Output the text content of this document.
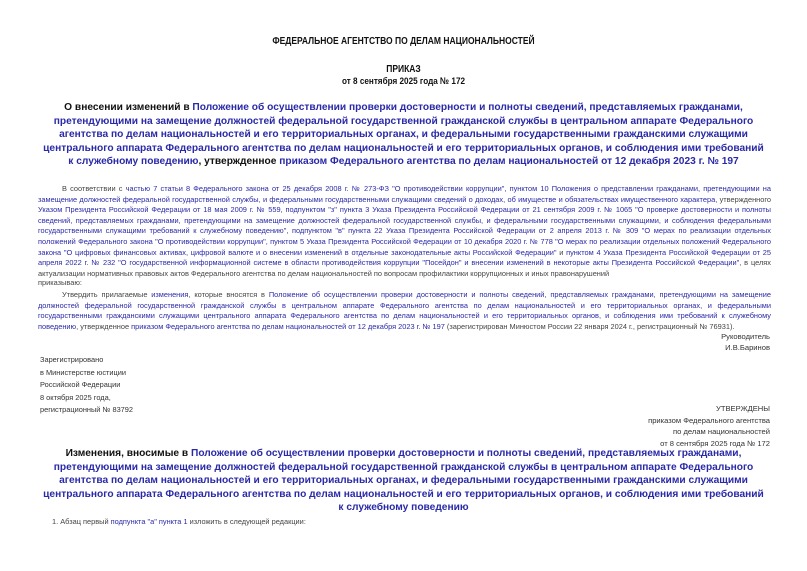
ФЕДЕРАЛЬНОЕ АГЕНТСТВО ПО ДЕЛАМ НАЦИОНАЛЬНОСТЕЙ
ПРИКАЗ
от 8 сентября 2025 года № 172
О внесении изменений в Положение об осуществлении проверки достоверности и полноты сведений, представляемых гражданами, претендующими на замещение должностей федеральной государственной гражданской службы в центральном аппарате Федерального агентства по делам национальностей и его территориальных органах, и федеральными государственными гражданскими служащими центрального аппарата Федерального агентства по делам национальностей и его территориальных органов, и соблюдения ими требований к служебному поведению, утвержденное приказом Федерального агентства по делам национальностей от 12 декабря 2023 г. № 197
В соответствии с частью 7 статьи 8 Федерального закона от 25 декабря 2008 г. № 273-ФЗ "О противодействии коррупции", пунктом 10 Положения о представлении гражданами, претендующими на замещение должностей федеральной государственной службы, и федеральными государственными служащими сведений о доходах, об имуществе и обязательствах имущественного характера, утвержденного Указом Президента Российской Федерации от 18 мая 2009 г. № 559, подпунктом "з" пункта 3 Указа Президента Российской Федерации от 21 сентября 2009 г. № 1065 "О проверке достоверности и полноты сведений, представляемых гражданами, претендующими на замещение должностей федеральной государственной службы, и федеральными государственными служащими, и соблюдения федеральными государственными служащими требований к служебному поведению", подпунктом "в" пункта 22 Указа Президента Российской Федерации от 2 апреля 2013 г. № 309 "О мерах по реализации отдельных положений Федерального закона "О противодействии коррупции", пунктом 5 Указа Президента Российской Федерации от 10 декабря 2020 г. № 778 "О мерах по реализации отдельных положений Федерального закона "О цифровых финансовых активах, цифровой валюте и о внесении изменений в отдельные законодательные акты Российской Федерации" и пунктом 4 Указа Президента Российской Федерации от 25 апреля 2022 г. № 232 "О государственной информационной системе в области противодействия коррупции "Посейдон" и внесении изменений в некоторые акты Президента Российской Федерации", в целях актуализации нормативных правовых актов Федерального агентства по делам национальностей по вопросам профилактики коррупционных и иных правонарушений
приказываю:
Утвердить прилагаемые изменения, которые вносятся в Положение об осуществлении проверки достоверности и полноты сведений, представляемых гражданами, претендующими на замещение должностей федеральной государственной гражданской службы в центральном аппарате Федерального агентства по делам национальностей и его территориальных органах, и федеральными государственными гражданскими служащими центрального аппарата Федерального агентства по делам национальностей и его территориальных органов, и соблюдения ими требований к служебному поведению, утвержденное приказом Федерального агентства по делам национальностей от 12 декабря 2023 г. № 197 (зарегистрирован Минюстом России 22 января 2024 г., регистрационный № 76931).
Руководитель
И.В.Баринов
Зарегистрировано
в Министерстве юстиции
Российской Федерации
8 октября 2025 года,
регистрационный № 83792	УТВЕРЖДЕНЫ
приказом Федерального агентства
по делам национальностей
от 8 сентября 2025 года № 172
Изменения, вносимые в Положение об осуществлении проверки достоверности и полноты сведений, представляемых гражданами, претендующими на замещение должностей федеральной государственной гражданской службы в центральном аппарате Федерального агентства по делам национальностей и его территориальных органах, и федеральными государственными гражданскими служащими центрального аппарата Федерального агентства по делам национальностей и его территориальных органов, и соблюдения ими требований к служебному поведению
1. Абзац первый подпункта "а" пункта 1 изложить в следующей редакции:
